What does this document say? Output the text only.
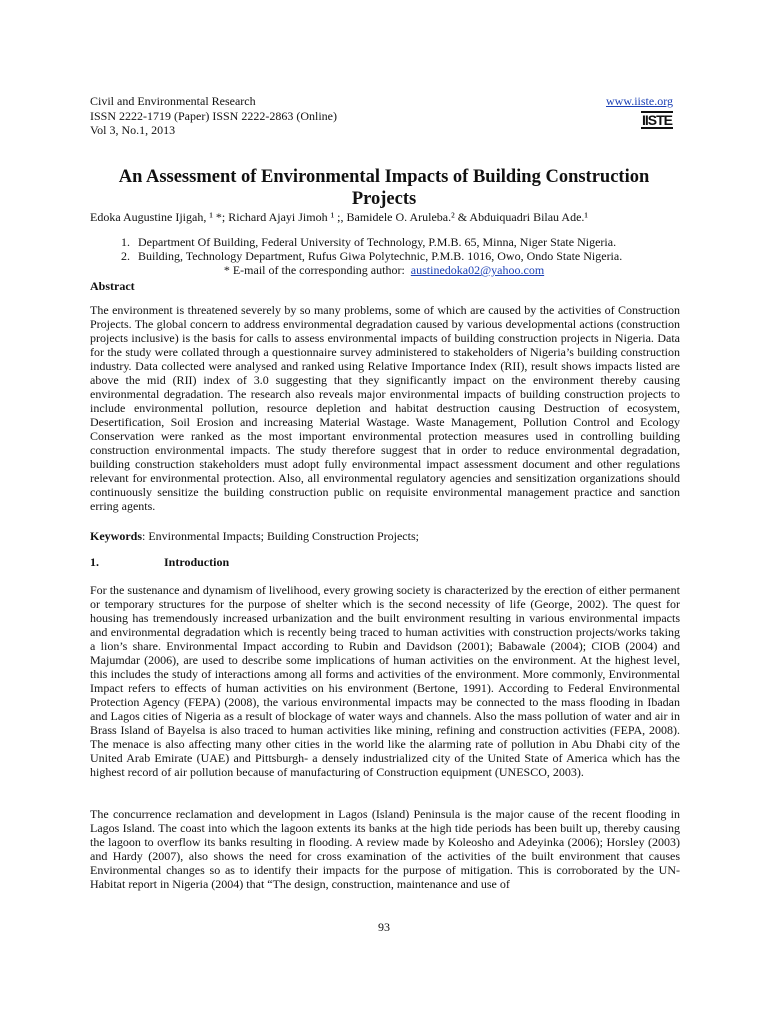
Civil and Environmental Research
ISSN 2222-1719 (Paper) ISSN 2222-2863 (Online)
Vol 3, No.1, 2013
www.iiste.org
IISTE
An Assessment of Environmental Impacts of Building Construction Projects
Edoka Augustine Ijigah, ¹ *; Richard Ajayi Jimoh ¹ ;, Bamidele O. Aruleba.² & Abduiquadri Bilau Ade.¹
1. Department Of Building, Federal University of Technology, P.M.B. 65, Minna, Niger State Nigeria.
2. Building, Technology Department, Rufus Giwa Polytechnic, P.M.B. 1016, Owo, Ondo State Nigeria.
* E-mail of the corresponding author: austinedoka02@yahoo.com
Abstract

The environment is threatened severely by so many problems, some of which are caused by the activities of Construction Projects. The global concern to address environmental degradation caused by various developmental actions (construction projects inclusive) is the basis for calls to assess environmental impacts of building construction projects in Nigeria. Data for the study were collated through a questionnaire survey administered to stakeholders of Nigeria’s building construction industry. Data collected were analysed and ranked using Relative Importance Index (RII), result shows impacts listed are above the mid (RII) index of 3.0 suggesting that they significantly impact on the environment thereby causing environmental degradation. The research also reveals major environmental impacts of building construction projects to include environmental pollution, resource depletion and habitat destruction causing Destruction of ecosystem, Desertification, Soil Erosion and increasing Material Wastage. Waste Management, Pollution Control and Ecology Conservation were ranked as the most important environmental protection measures used in controlling building construction environmental impacts. The study therefore suggest that in order to reduce environmental degradation, building construction stakeholders must adopt fully environmental impact assessment document and other regulations relevant for environmental protection. Also, all environmental regulatory agencies and sensitization organizations should continuously sensitize the building construction public on requisite environmental management practice and sanction erring agents.

Keywords: Environmental Impacts; Building Construction Projects;

1.	Introduction

For the sustenance and dynamism of livelihood, every growing society is characterized by the erection of either permanent or temporary structures for the purpose of shelter which is the second necessity of life (George, 2002). The quest for housing has tremendously increased urbanization and the built environment resulting in various environmental impacts and environmental degradation which is recently being traced to human activities with construction projects/works taking a lion’s share. Environmental Impact according to Rubin and Davidson (2001); Babawale (2004); CIOB (2004) and Majumdar (2006), are used to describe some implications of human activities on the environment. At the highest level, this includes the study of interactions among all forms and activities of the environment. More commonly, Environmental Impact refers to effects of human activities on his environment (Bertone, 1991). According to Federal Environmental Protection Agency (FEPA) (2008), the various environmental impacts may be connected to the mass flooding in Ibadan and Lagos cities of Nigeria as a result of blockage of water ways and channels. Also the mass pollution of water and air in Brass Island of Bayelsa is also traced to human activities like mining, refining and construction activities (FEPA, 2008). The menace is also affecting many other cities in the world like the alarming rate of pollution in Abu Dhabi city of the United Arab Emirate (UAE) and Pittsburgh- a densely industrialized city of the United State of America which has the highest record of air pollution because of manufacturing of Construction equipment (UNESCO, 2003).

The concurrence reclamation and development in Lagos (Island) Peninsula is the major cause of the recent flooding in Lagos Island. The coast into which the lagoon extents its banks at the high tide periods has been built up, thereby causing the lagoon to overflow its banks resulting in flooding. A review made by Koleosho and Adeyinka (2006); Horsley (2003) and Hardy (2007), also shows the need for cross examination of the activities of the built environment that causes Environmental changes so as to identify their impacts for the purpose of mitigation. This is corroborated by the UN-Habitat report in Nigeria (2004) that “The design, construction, maintenance and use of

93
